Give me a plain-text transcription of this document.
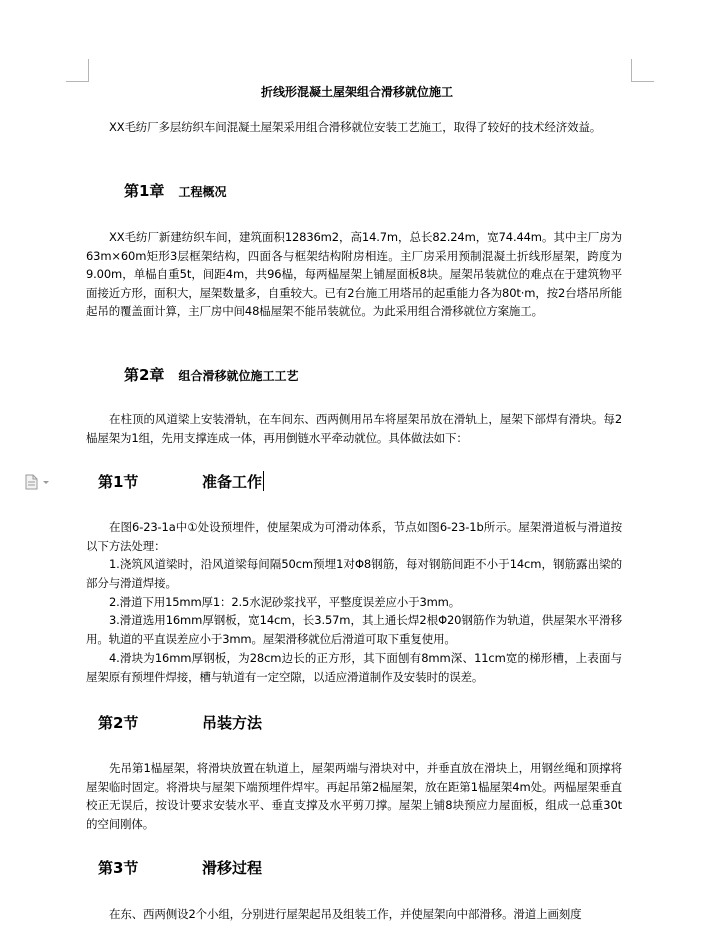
折线形混凝土屋架组合滑移就位施工
XX毛纺厂多层纺织车间混凝土屋架采用组合滑移就位安装工艺施工，取得了较好的技术经济效益。
第1章 工程概况
XX毛纺厂新建纺织车间，建筑面积12836m2，高14.7m，总长82.24m，宽74.44m。其中主厂房为63m×60m矩形3层框架结构，四面各与框架结构附房相连。主厂房采用预制混凝土折线形屋架，跨度为9.00m，单榀自重5t，间距4m，共96榀，每两榀屋架上铺屋面板8块。屋架吊装就位的难点在于建筑物平面接近方形，面积大，屋架数量多，自重较大。已有2台施工用塔吊的起重能力各为80t·m，按2台塔吊所能起吊的覆盖面计算，主厂房中间48榀屋架不能吊装就位。为此采用组合滑移就位方案施工。
第2章 组合滑移就位施工工艺
在柱顶的风道梁上安装滑轨，在车间东、西两侧用吊车将屋架吊放在滑轨上，屋架下部焊有滑块。每2榀屋架为1组，先用支撑连成一体，再用倒链水平牵动就位。具体做法如下：
第1节	准备工作
在图6-23-1a中①处设预埋件，使屋架成为可滑动体系，节点如图6-23-1b所示。屋架滑道板与滑道按以下方法处理：
1.浇筑风道梁时，沿风道梁每间隔50cm预埋1对Φ8钢筋，每对钢筋间距不小于14cm，钢筋露出梁的部分与滑道焊接。
2.滑道下用15mm厚1：2.5水泥砂浆找平，平整度误差应小于3mm。
3.滑道选用16mm厚钢板，宽14cm，长3.57m，其上通长焊2根Φ20钢筋作为轨道，供屋架水平滑移用。轨道的平直误差应小于3mm。屋架滑移就位后滑道可取下重复使用。
4.滑块为16mm厚钢板，为28cm边长的正方形，其下面刨有8mm深、11cm宽的梯形槽，上表面与屋架原有预埋件焊接，槽与轨道有一定空隙，以适应滑道制作及安装时的误差。
第2节	吊装方法
先吊第1榀屋架，将滑块放置在轨道上，屋架两端与滑块对中，并垂直放在滑块上，用钢丝绳和顶撑将屋架临时固定。将滑块与屋架下端预埋件焊牢。再起吊第2榀屋架，放在距第1榀屋架4m处。两榀屋架垂直校正无误后，按设计要求安装水平、垂直支撑及水平剪刀撑。屋架上铺8块预应力屋面板，组成一总重30t的空间刚体。
第3节	滑移过程
在东、西两侧设2个小组，分别进行屋架起吊及组装工作，并使屋架向中部滑移。滑道上画刻度
